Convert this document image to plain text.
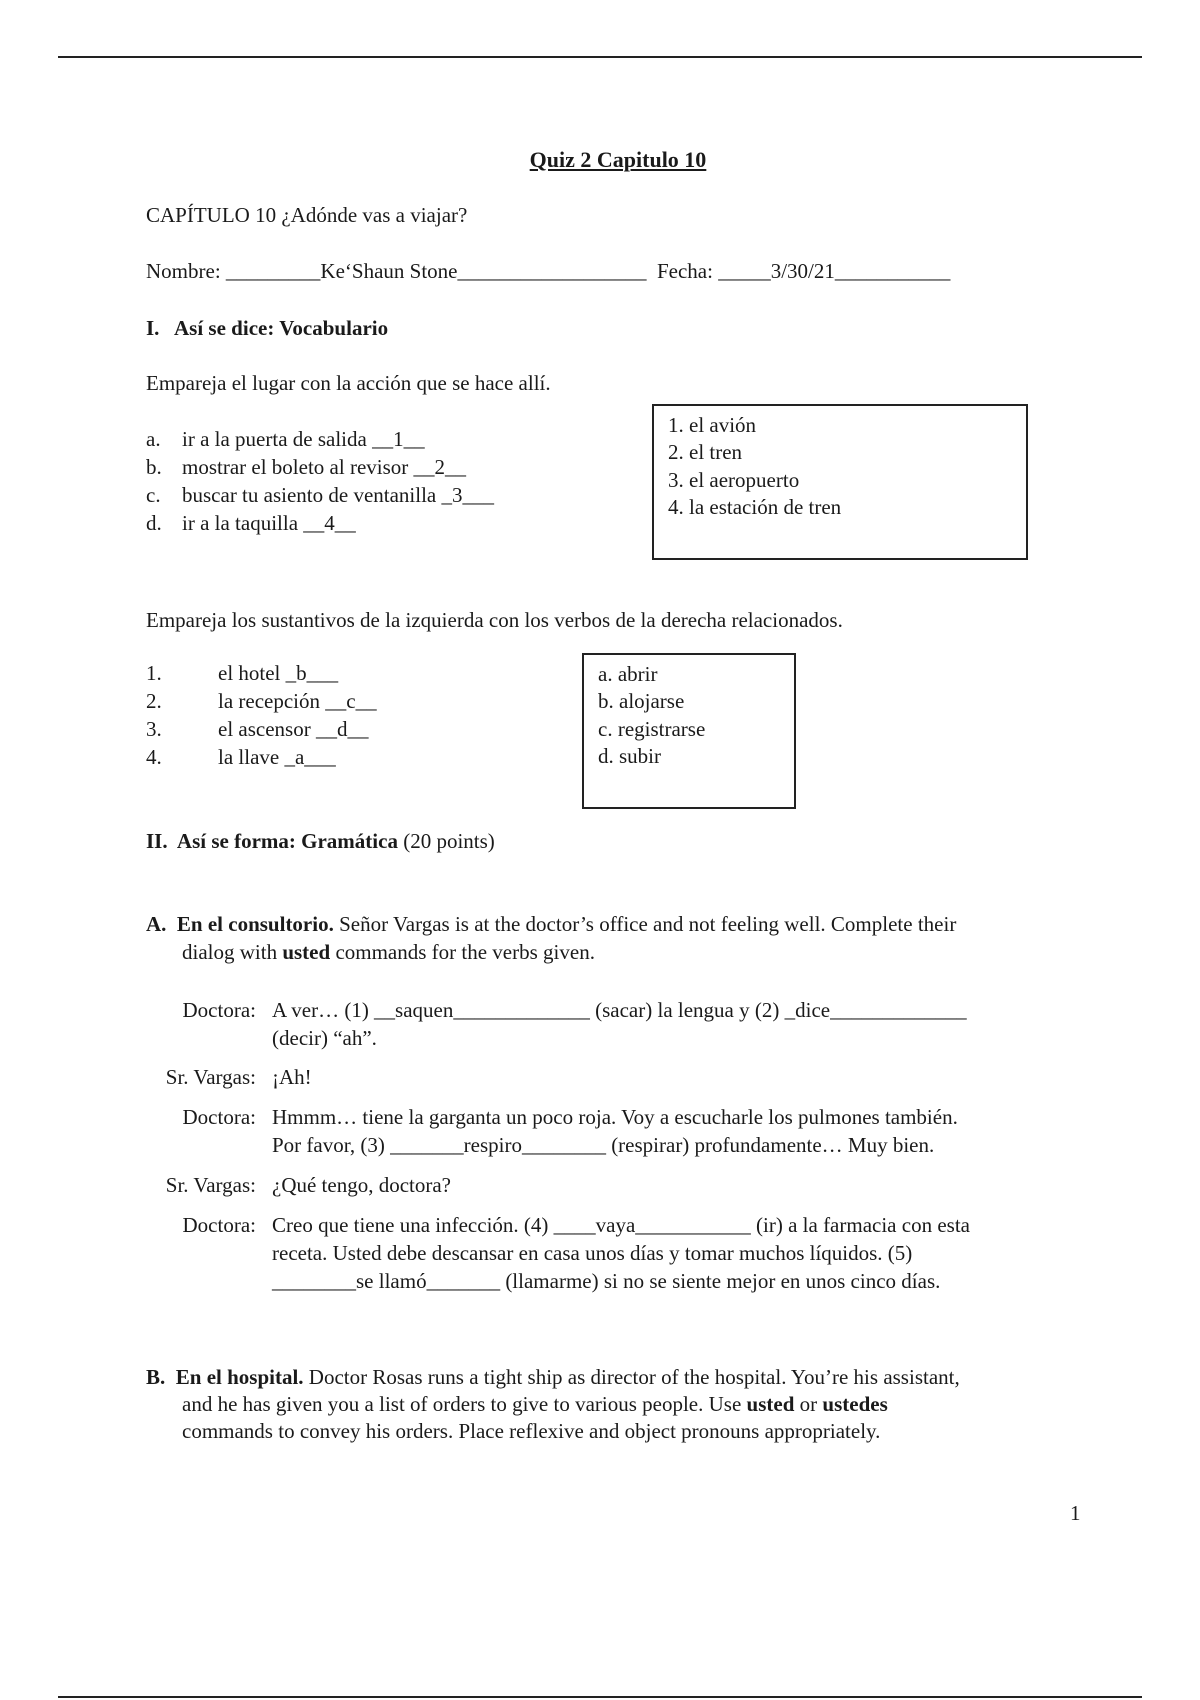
Quiz 2 Capitulo 10
CAPÍTULO 10 ¿Adónde vas a viajar?
Nombre: _________Ke‘Shaun Stone__________________ Fecha: _____3/30/21___________
I.   Así se dice: Vocabulario
Empareja el lugar con la acción que se hace allí.
a. ir a la puerta de salida __1__
b. mostrar el boleto al revisor __2__
c. buscar tu asiento de ventanilla _3___
d. ir a la taquilla __4__
1. el avión
2. el tren
3. el aeropuerto
4. la estación de tren
Empareja los sustantivos de la izquierda con los verbos de la derecha relacionados.
1.	el hotel _b___
2.	la recepción __c__
3.	el ascensor __d__
4.	la llave _a___
a. abrir
b. alojarse
c. registrarse
d. subir
II.  Así se forma: Gramática (20 points)
A.  En el consultorio. Señor Vargas is at the doctor’s office and not feeling well. Complete their
dialog with usted commands for the verbs given.
Doctora: A ver… (1) __saquen_____________ (sacar) la lengua y (2) _dice_____________
(decir) “ah”.
Sr. Vargas: ¡Ah!
Doctora: Hmmm… tiene la garganta un poco roja. Voy a escucharle los pulmones también.
Por favor, (3) _______respiro________ (respirar) profundamente… Muy bien.
Sr. Vargas: ¿Qué tengo, doctora?
Doctora: Creo que tiene una infección. (4) ____vaya___________ (ir) a la farmacia con esta
receta. Usted debe descansar en casa unos días y tomar muchos líquidos. (5)
________se llamó_______ (llamarme) si no se siente mejor en unos cinco días.
B.  En el hospital. Doctor Rosas runs a tight ship as director of the hospital. You’re his assistant,
and he has given you a list of orders to give to various people. Use usted or ustedes
commands to convey his orders. Place reflexive and object pronouns appropriately.
1
